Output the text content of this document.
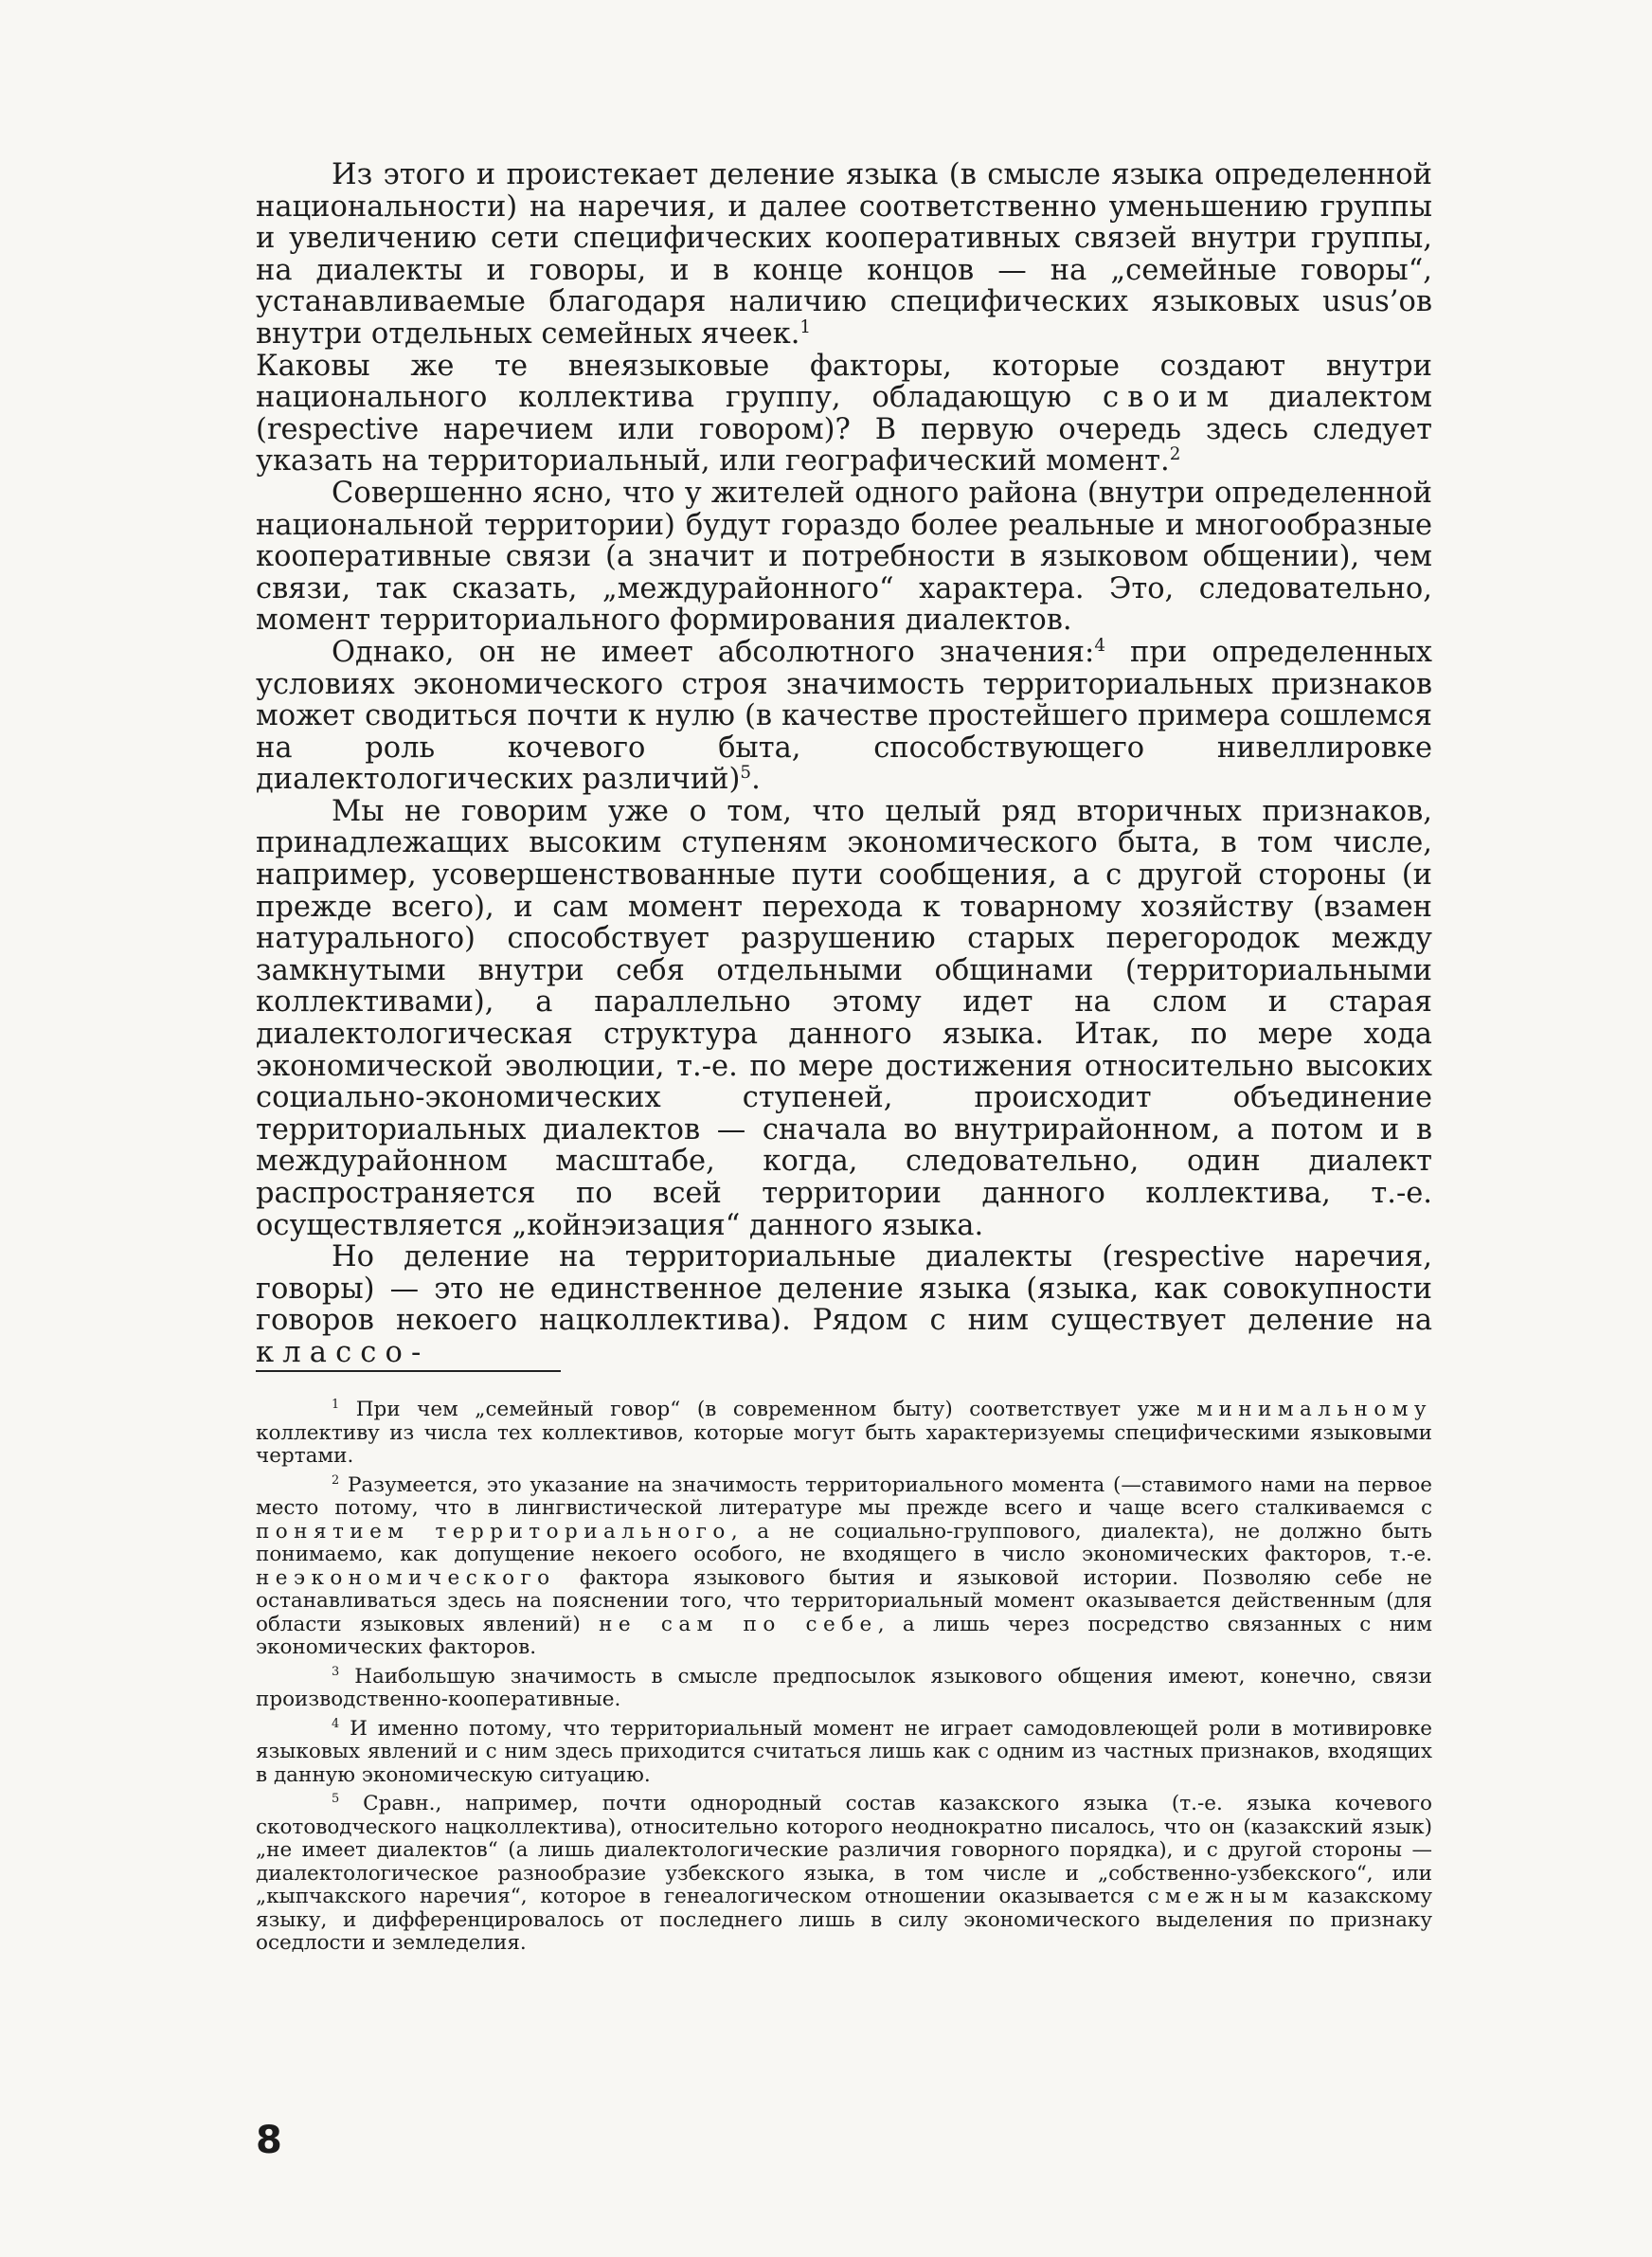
Из этого и проистекает деление языка (в смысле языка определенной национальности) на наречия, и далее соответственно уменьшению группы и увеличению сети специфических кооперативных связей внутри группы, на диалекты и говоры, и в конце концов — на „семейные говоры“, устанавливаемые благодаря наличию специфических языковых usus’ов внутри отдельных семейных ячеек.$^1$

Каковы же те внеязыковые факторы, которые создают внутри национального коллектива группу, обладающую своим диалектом (respective наречием или говором)? В первую очередь здесь следует указать на территориальный, или географический момент.$^2$

Совершенно ясно, что у жителей одного района (внутри определенной национальной территории) будут гораздо более реальные и многообразные кооперативные связи (а значит и потребности в языковом общении), чем связи, так сказать, „междурайонного“ характера. Это, следовательно, момент территориального формирования диалектов.

Однако, он не имеет абсолютного значения:$^4$ при определенных условиях экономического строя значимость территориальных признаков может сводиться почти к нулю (в качестве простейшего примера сошлемся на роль кочевого быта, способствующего нивеллировке диалектологических различий)$^5$.

Мы не говорим уже о том, что целый ряд вторичных признаков, принадлежащих высоким ступеням экономического быта, в том числе, например, усовершенствованные пути сообщения, а с другой стороны (и прежде всего), и сам момент перехода к товарному хозяйству (взамен натурального) способствует разрушению старых перегородок между замкнутыми внутри себя отдельными общинами (территориальными коллективами), а параллельно этому идет на слом и старая диалектологическая структура данного языка. Итак, по мере хода экономической эволюции, т.-е. по мере достижения относительно высоких социально-экономических ступеней, происходит объединение территориальных диалектов — сначала во внутрирайонном, а потом и в междурайонном масштабе, когда, следовательно, один диалект распространяется по всей территории данного коллектива, т.-е. осуществляется „койнэизация“ данного языка.

Но деление на территориальные диалекты (respective наречия, говоры) — это не единственное деление языка (языка, как совокупности говоров некоего нацколлектива). Рядом с ним существует деление на классо-

$^1$ При чем „семейный говор“ (в современном быту) соответствует уже минимальному коллективу из числа тех коллективов, которые могут быть характеризуемы специфическими языковыми чертами.

$^2$ Разумеется, это указание на значимость территориального момента (—ставимого нами на первое место потому, что в лингвистической литературе мы прежде всего и чаще всего сталкиваемся с понятием территориального, а не социально-группового, диалекта), не должно быть понимаемо, как допущение некоего особого, не входящего в число экономических факторов, т.-е. неэкономического фактора языкового бытия и языковой истории. Позволяю себе не останавливаться здесь на пояснении того, что территориальный момент оказывается действенным (для области языковых явлений) не сам по себе, а лишь через посредство связанных с ним экономических факторов.

$^3$ Наибольшую значимость в смысле предпосылок языкового общения имеют, конечно, связи производственно-кооперативные.

$^4$ И именно потому, что территориальный момент не играет самодовлеющей роли в мотивировке языковых явлений и с ним здесь приходится считаться лишь как с одним из частных признаков, входящих в данную экономическую ситуацию.

$^5$ Сравн., например, почти однородный состав казакского языка (т.-е. языка кочевого скотоводческого нацколлектива), относительно которого неоднократно писалось, что он (казакский язык) „не имеет диалектов“ (а лишь диалектологические различия говорного порядка), и с другой стороны — диалектологическое разнообразие узбекского языка, в том числе и „собственно-узбекского“, или „кыпчакского наречия“, которое в генеалогическом отношении оказывается смежным казакскому языку, и дифференцировалось от последнего лишь в силу экономического выделения по признаку оседлости и земледелия.

8
